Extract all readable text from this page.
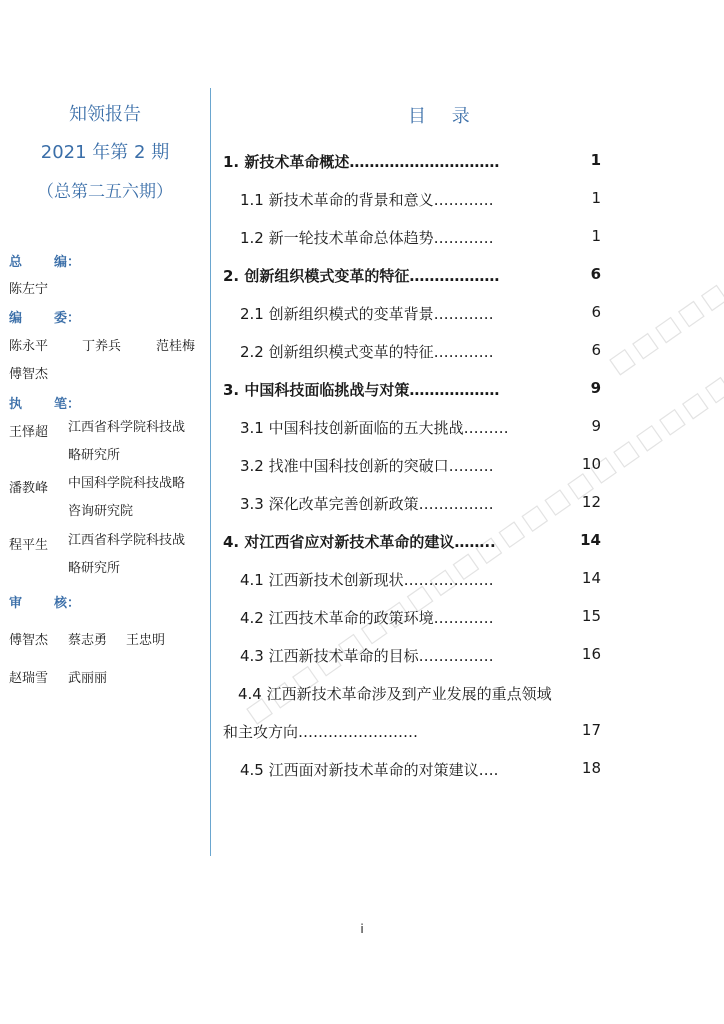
知领报告
2021 年第 2 期
（总第二五六期）
总 编：
陈左宁
编 委：
陈永平	丁养兵	范桂梅
傅智杰
执 笔：
王怿超 江西省科学院科技战
略研究所
潘教峰 中国科学院科技战略
咨询研究院
程平生 江西省科学院科技战
略研究所
审 核：
傅智杰 蔡志勇 王忠明
赵瑞雪 武丽丽
目 录
1. 新技术革命概述…………………………	1
1.1 新技术革命的背景和意义…………	1
1.2 新一轮技术革命总体趋势…………	1
2. 创新组织模式变革的特征………………	6
2.1 创新组织模式的变革背景…………	6
2.2 创新组织模式变革的特征…………	6
3. 中国科技面临挑战与对策………………	9
3.1 中国科技创新面临的五大挑战………	9
3.2 找准中国科技创新的突破口………	10
3.3 深化改革完善创新政策……………	12
4. 对江西省应对新技术革命的建议……..	14
4.1 江西新技术创新现状………………	14
4.2 江西技术革命的政策环境…………	15
4.3 江西新技术革命的目标……………	16
4.4 江西新技术革命涉及到产业发展的重点领域
和主攻方向……………………	17
4.5 江西面对新技术革命的对策建议….	18
i
